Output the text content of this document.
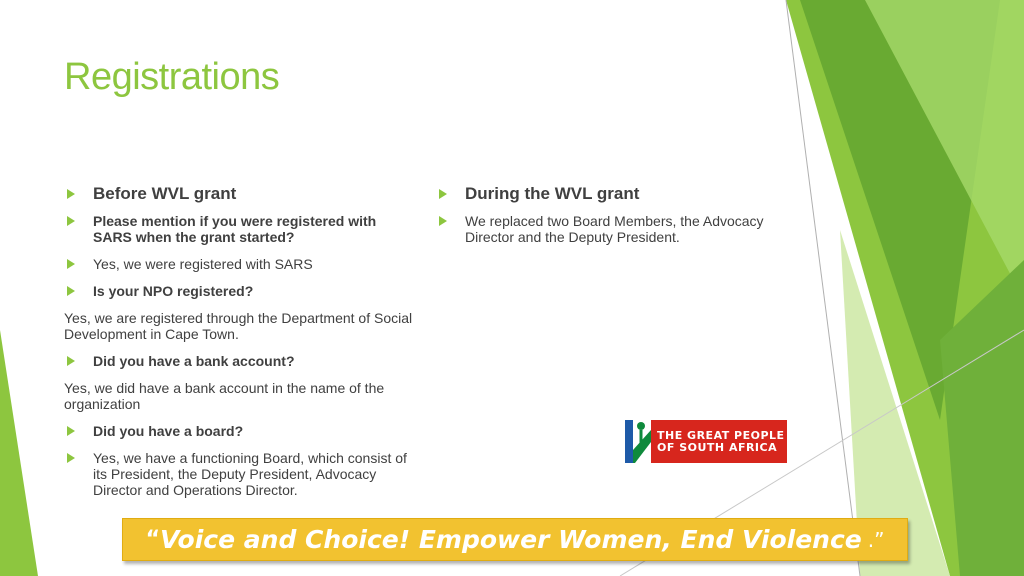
Registrations
Before WVL grant
Please mention if you were registered with SARS when the grant started?
Yes, we were registered with SARS
Is your NPO registered?
Yes, we are registered through the Department of Social Development in Cape Town.
Did you have a bank account?
Yes, we did have a bank account in the name of the organization
Did you have a board?
Yes, we have a functioning Board, which consist of its President, the Deputy President, Advocacy Director and Operations Director.
During the WVL grant
We replaced two Board Members, the Advocacy Director and the Deputy President.
THE GREAT PEOPLE
OF SOUTH AFRICA
“ Voice and Choice! Empower Women, End Violence .”
